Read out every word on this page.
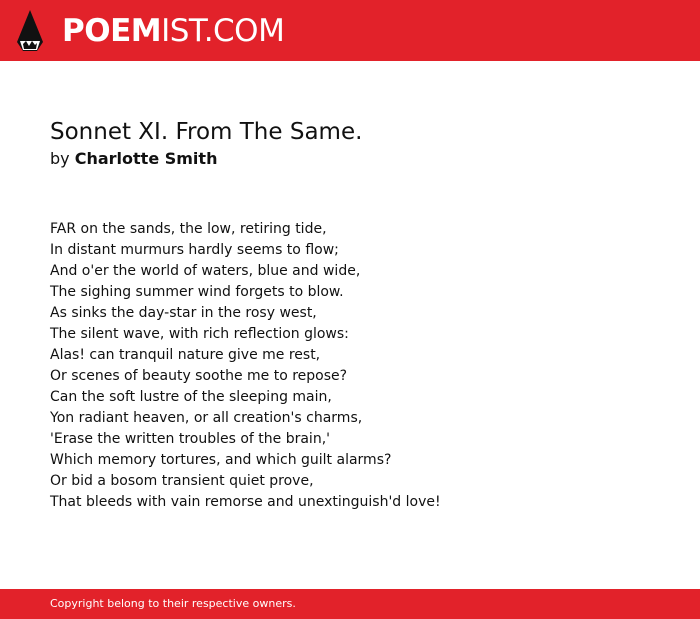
POEMIST.COM
Sonnet XI. From The Same.
by Charlotte Smith
FAR on the sands, the low, retiring tide,
In distant murmurs hardly seems to flow;
And o'er the world of waters, blue and wide,
The sighing summer wind forgets to blow.
As sinks the day-star in the rosy west,
The silent wave, with rich reflection glows:
Alas! can tranquil nature give me rest,
Or scenes of beauty soothe me to repose?
Can the soft lustre of the sleeping main,
Yon radiant heaven, or all creation's charms,
'Erase the written troubles of the brain,'
Which memory tortures, and which guilt alarms?
Or bid a bosom transient quiet prove,
That bleeds with vain remorse and unextinguish'd love!
Copyright belong to their respective owners.
